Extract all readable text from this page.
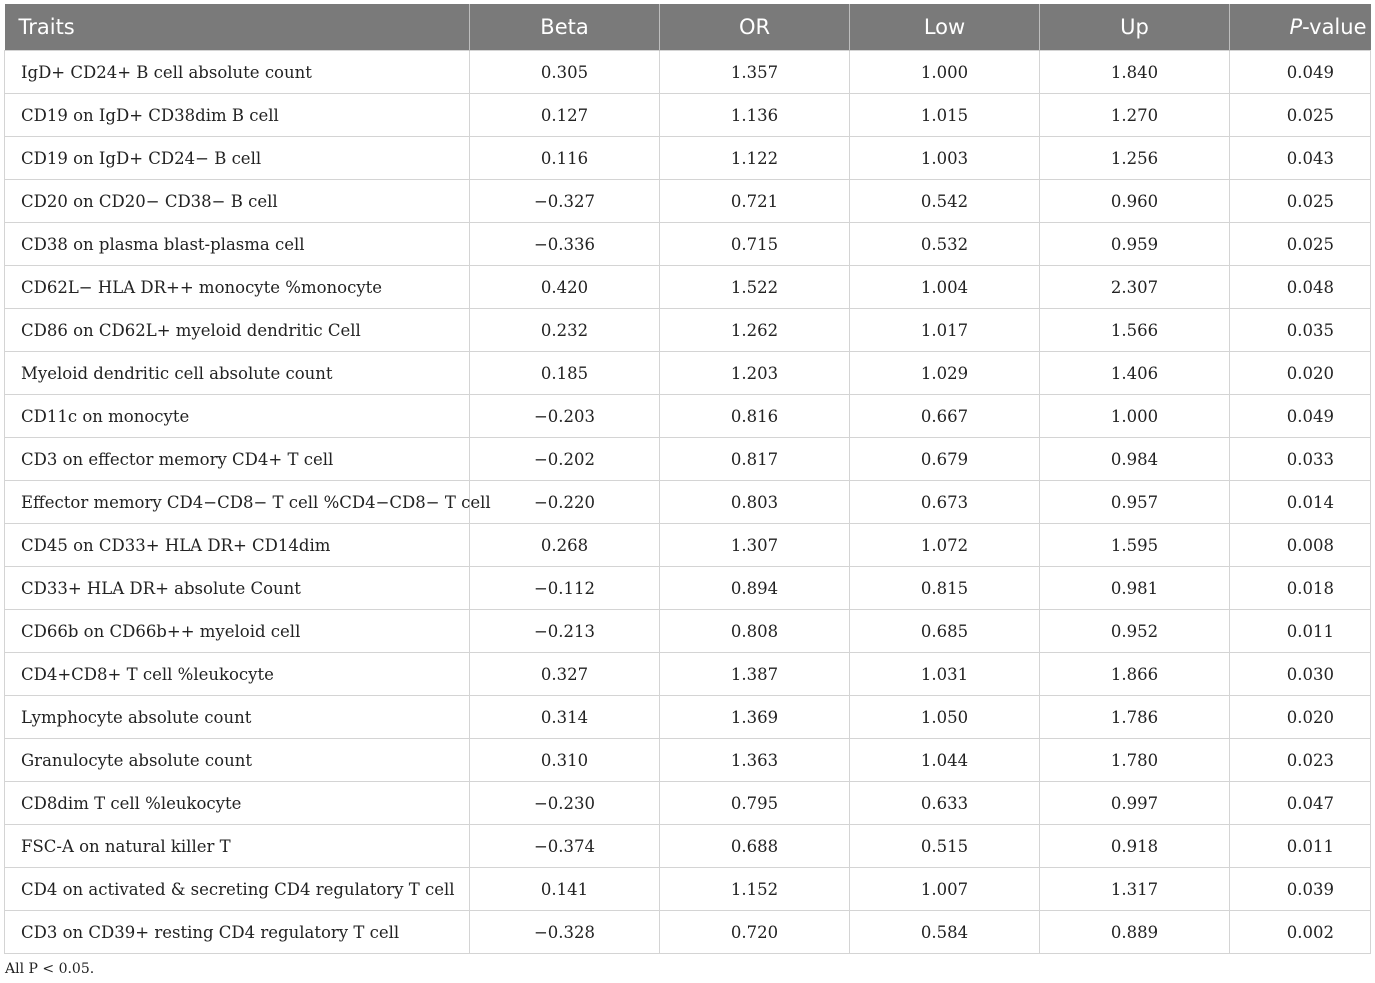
Traits	Beta	OR	Low	Up	P-value
IgD+ CD24+ B cell absolute count	0.305	1.357	1.000	1.840	0.049
CD19 on IgD+ CD38dim B cell	0.127	1.136	1.015	1.270	0.025
CD19 on IgD+ CD24− B cell	0.116	1.122	1.003	1.256	0.043
CD20 on CD20− CD38− B cell	−0.327	0.721	0.542	0.960	0.025
CD38 on plasma blast-plasma cell	−0.336	0.715	0.532	0.959	0.025
CD62L− HLA DR++ monocyte %monocyte	0.420	1.522	1.004	2.307	0.048
CD86 on CD62L+ myeloid dendritic Cell	0.232	1.262	1.017	1.566	0.035
Myeloid dendritic cell absolute count	0.185	1.203	1.029	1.406	0.020
CD11c on monocyte	−0.203	0.816	0.667	1.000	0.049
CD3 on effector memory CD4+ T cell	−0.202	0.817	0.679	0.984	0.033
Effector memory CD4−CD8− T cell %CD4−CD8− T cell	−0.220	0.803	0.673	0.957	0.014
CD45 on CD33+ HLA DR+ CD14dim	0.268	1.307	1.072	1.595	0.008
CD33+ HLA DR+ absolute Count	−0.112	0.894	0.815	0.981	0.018
CD66b on CD66b++ myeloid cell	−0.213	0.808	0.685	0.952	0.011
CD4+CD8+ T cell %leukocyte	0.327	1.387	1.031	1.866	0.030
Lymphocyte absolute count	0.314	1.369	1.050	1.786	0.020
Granulocyte absolute count	0.310	1.363	1.044	1.780	0.023
CD8dim T cell %leukocyte	−0.230	0.795	0.633	0.997	0.047
FSC-A on natural killer T	−0.374	0.688	0.515	0.918	0.011
CD4 on activated & secreting CD4 regulatory T cell	0.141	1.152	1.007	1.317	0.039
CD3 on CD39+ resting CD4 regulatory T cell	−0.328	0.720	0.584	0.889	0.002
All P < 0.05.
